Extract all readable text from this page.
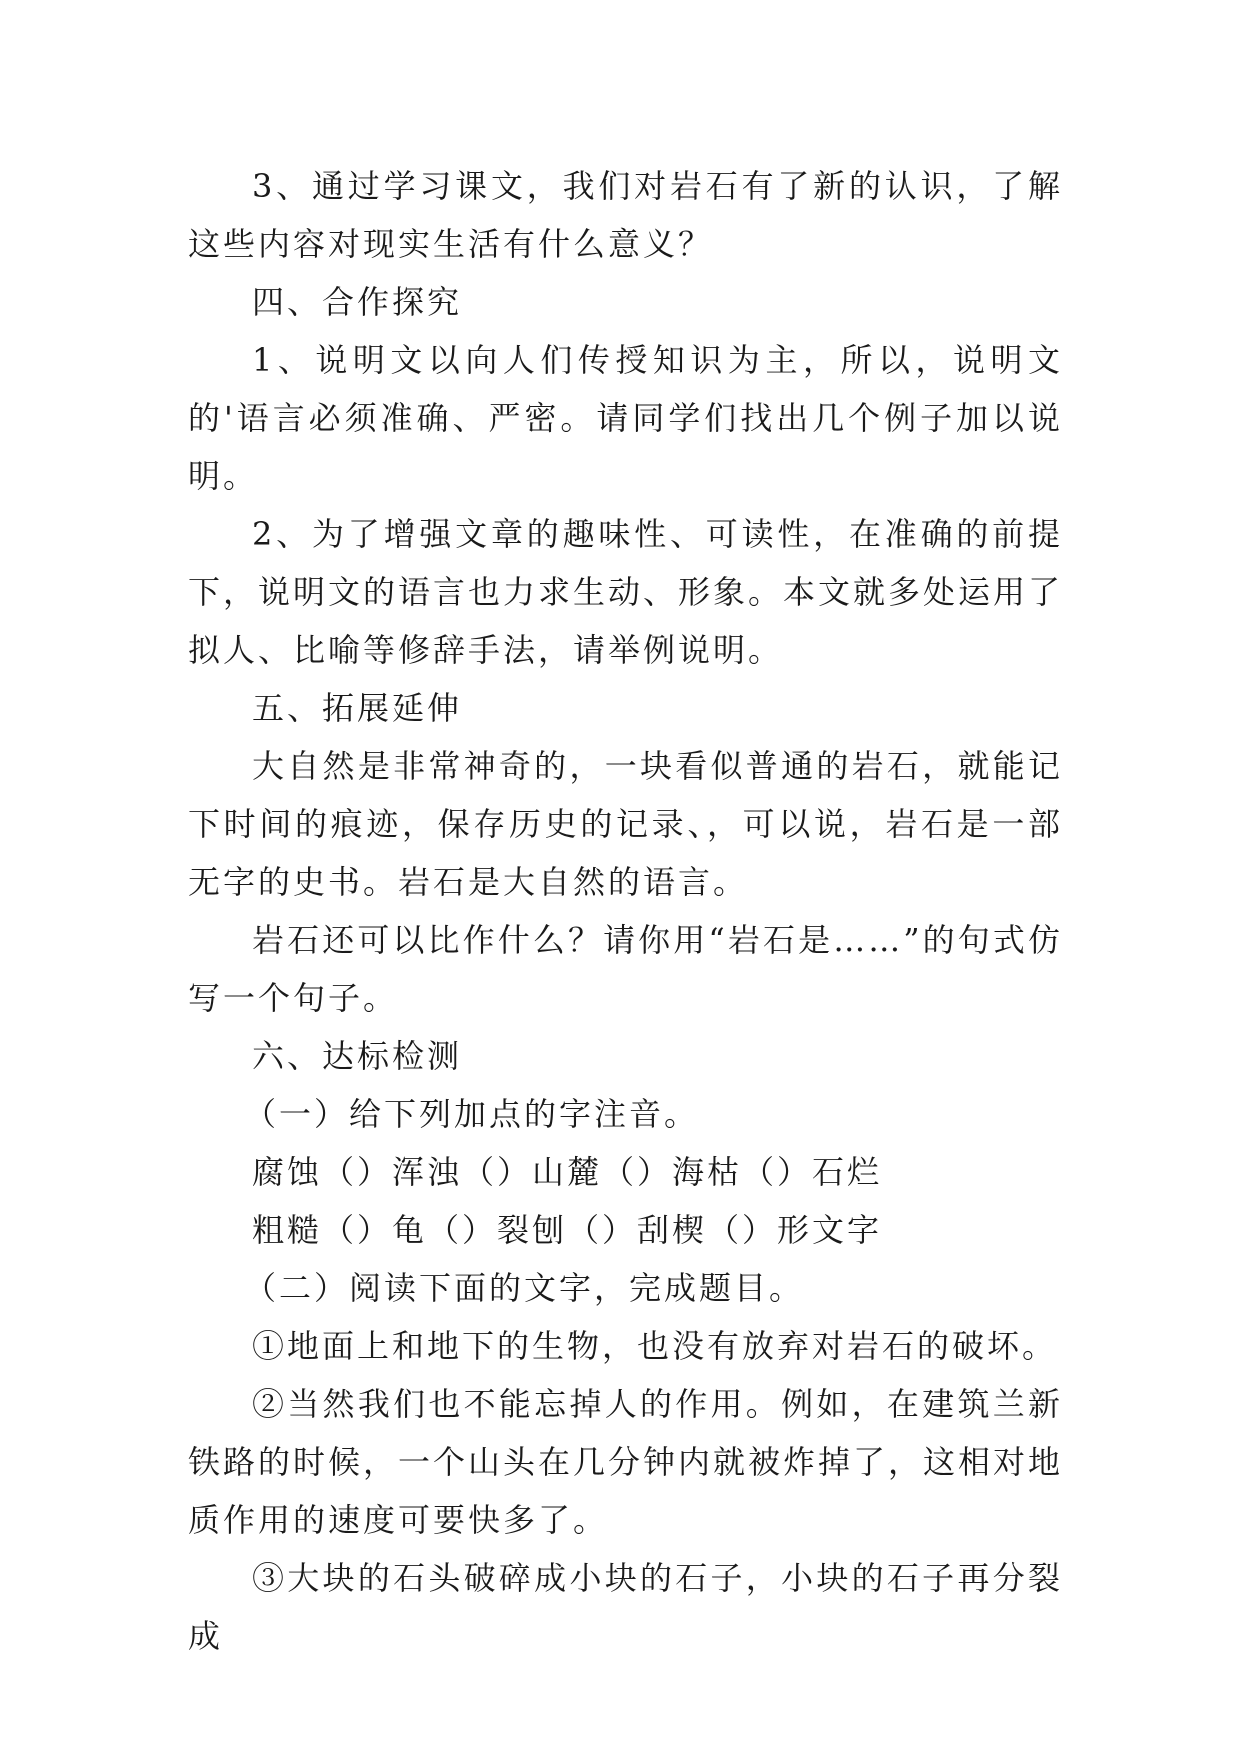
3、通过学习课文，我们对岩石有了新的认识，了解这些内容对现实生活有什么意义？

四、合作探究

1、说明文以向人们传授知识为主，所以，说明文的'语言必须准确、严密。请同学们找出几个例子加以说明。

2、为了增强文章的趣味性、可读性，在准确的前提下，说明文的语言也力求生动、形象。本文就多处运用了拟人、比喻等修辞手法，请举例说明。

五、拓展延伸

大自然是非常神奇的，一块看似普通的岩石，就能记下时间的痕迹，保存历史的记录、，可以说，岩石是一部无字的史书。岩石是大自然的语言。

岩石还可以比作什么？请你用“岩石是……”的句式仿写一个句子。

六、达标检测

（一）给下列加点的字注音。

腐蚀（）浑浊（）山麓（）海枯（）石烂

粗糙（）龟（）裂刨（）刮楔（）形文字

（二）阅读下面的文字，完成题目。

①地面上和地下的生物，也没有放弃对岩石的破坏。

②当然我们也不能忘掉人的作用。例如，在建筑兰新铁路的时候，一个山头在几分钟内就被炸掉了，这相对地质作用的速度可要快多了。

③大块的石头破碎成小块的石子，小块的石子再分裂成
